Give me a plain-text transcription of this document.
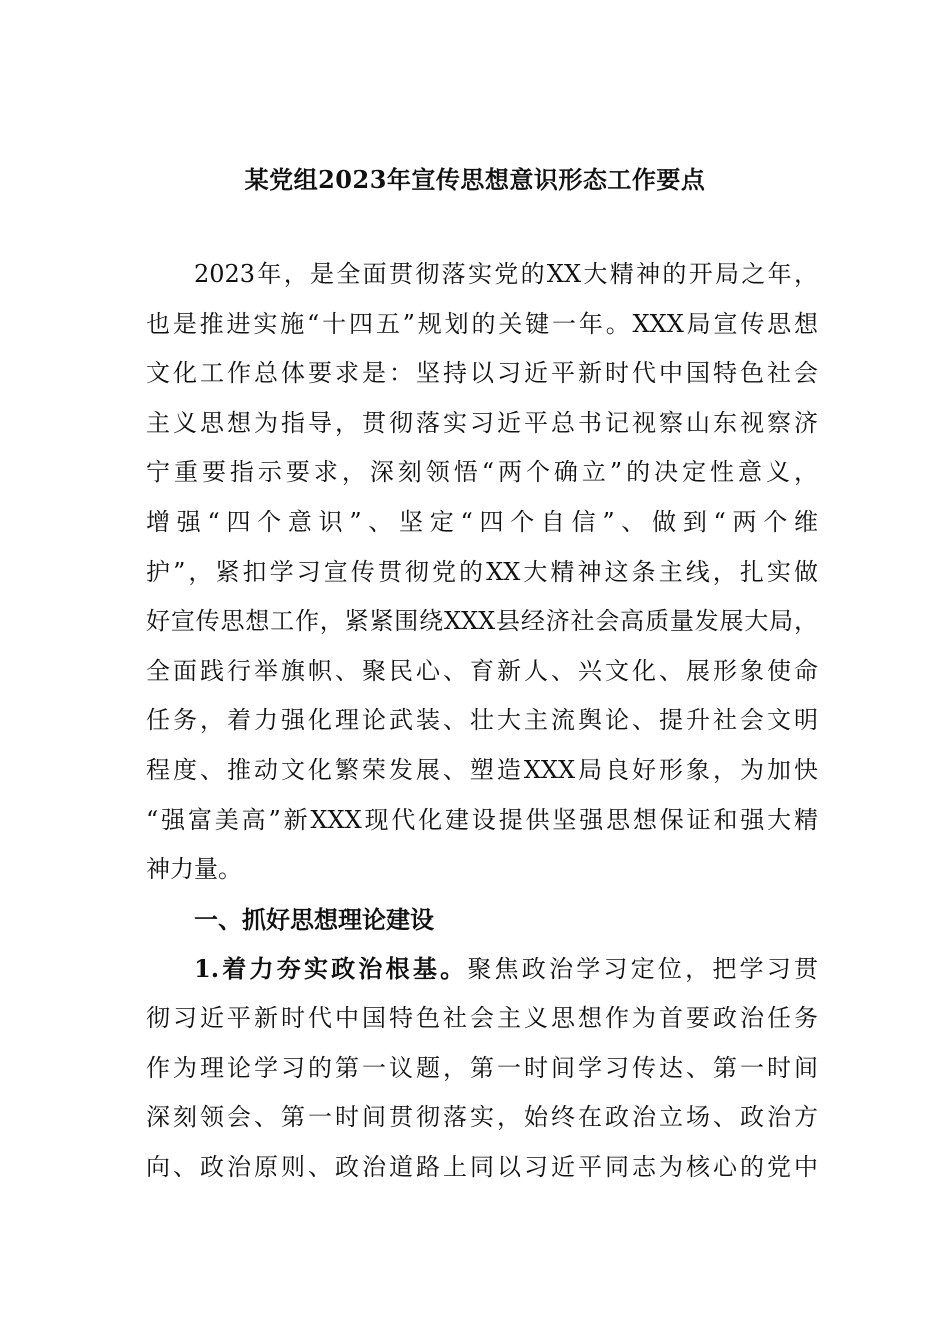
某党组2023年宣传思想意识形态工作要点
2023年，是全面贯彻落实党的XX大精神的开局之年，
也是推进实施“十四五”规划的关键一年。XXX局宣传思想
文化工作总体要求是：坚持以习近平新时代中国特色社会
主义思想为指导，贯彻落实习近平总书记视察山东视察济
宁重要指示要求，深刻领悟“两个确立”的决定性意义，
增强“四个意识”、坚定“四个自信”、做到“两个维
护”，紧扣学习宣传贯彻党的XX大精神这条主线，扎实做
好宣传思想工作，紧紧围绕XXX县经济社会高质量发展大局，
全面践行举旗帜、聚民心、育新人、兴文化、展形象使命
任务，着力强化理论武装、壮大主流舆论、提升社会文明
程度、推动文化繁荣发展、塑造XXX局良好形象，为加快
“强富美高”新XXX现代化建设提供坚强思想保证和强大精
神力量。
一、抓好思想理论建设
1.着力夯实政治根基。聚焦政治学习定位，把学习贯
彻习近平新时代中国特色社会主义思想作为首要政治任务
作为理论学习的第一议题，第一时间学习传达、第一时间
深刻领会、第一时间贯彻落实，始终在政治立场、政治方
向、政治原则、政治道路上同以习近平同志为核心的党中
